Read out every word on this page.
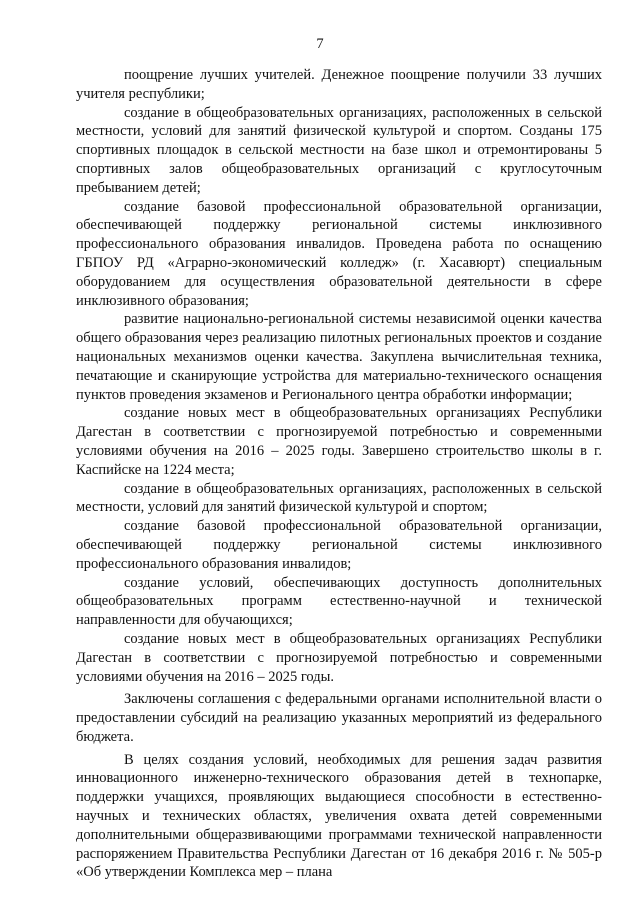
7

поощрение лучших учителей. Денежное поощрение получили 33 лучших учителя республики;

создание в общеобразовательных организациях, расположенных в сельской местности, условий для занятий физической культурой и спортом. Созданы 175 спортивных площадок в сельской местности на базе школ и отремонтированы 5 спортивных залов общеобразовательных организаций с круглосуточным пребыванием детей;

создание базовой профессиональной образовательной организации, обеспечивающей поддержку региональной системы инклюзивного профессионального образования инвалидов. Проведена работа по оснащению ГБПОУ РД «Аграрно-экономический колледж» (г. Хасавюрт) специальным оборудованием для осуществления образовательной деятельности в сфере инклюзивного образования;

развитие национально-региональной системы независимой оценки качества общего образования через реализацию пилотных региональных проектов и создание национальных механизмов оценки качества. Закуплена вычислительная техника, печатающие и сканирующие устройства для материально-технического оснащения пунктов проведения экзаменов и Регионального центра обработки информации;

создание новых мест в общеобразовательных организациях Республики Дагестан в соответствии с прогнозируемой потребностью и современными условиями обучения на 2016 – 2025 годы. Завершено строительство школы в г. Каспийске на 1224 места;

создание в общеобразовательных организациях, расположенных в сельской местности, условий для занятий физической культурой и спортом;

создание базовой профессиональной образовательной организации, обеспечивающей поддержку региональной системы инклюзивного профессионального образования инвалидов;

создание условий, обеспечивающих доступность дополнительных общеобразовательных программ естественно-научной и технической направленности для обучающихся;

создание новых мест в общеобразовательных организациях Республики Дагестан в соответствии с прогнозируемой потребностью и современными условиями обучения на 2016 – 2025 годы.

Заключены соглашения с федеральными органами исполнительной власти о предоставлении субсидий на реализацию указанных мероприятий из федерального бюджета.

В целях создания условий, необходимых для решения задач развития инновационного инженерно-технического образования детей в технопарке, поддержки учащихся, проявляющих выдающиеся способности в естественно-научных и технических областях, увеличения охвата детей современными дополнительными общеразвивающими программами технической направленности распоряжением Правительства Республики Дагестан от 16 декабря 2016 г. № 505-р «Об утверждении Комплекса мер – плана
